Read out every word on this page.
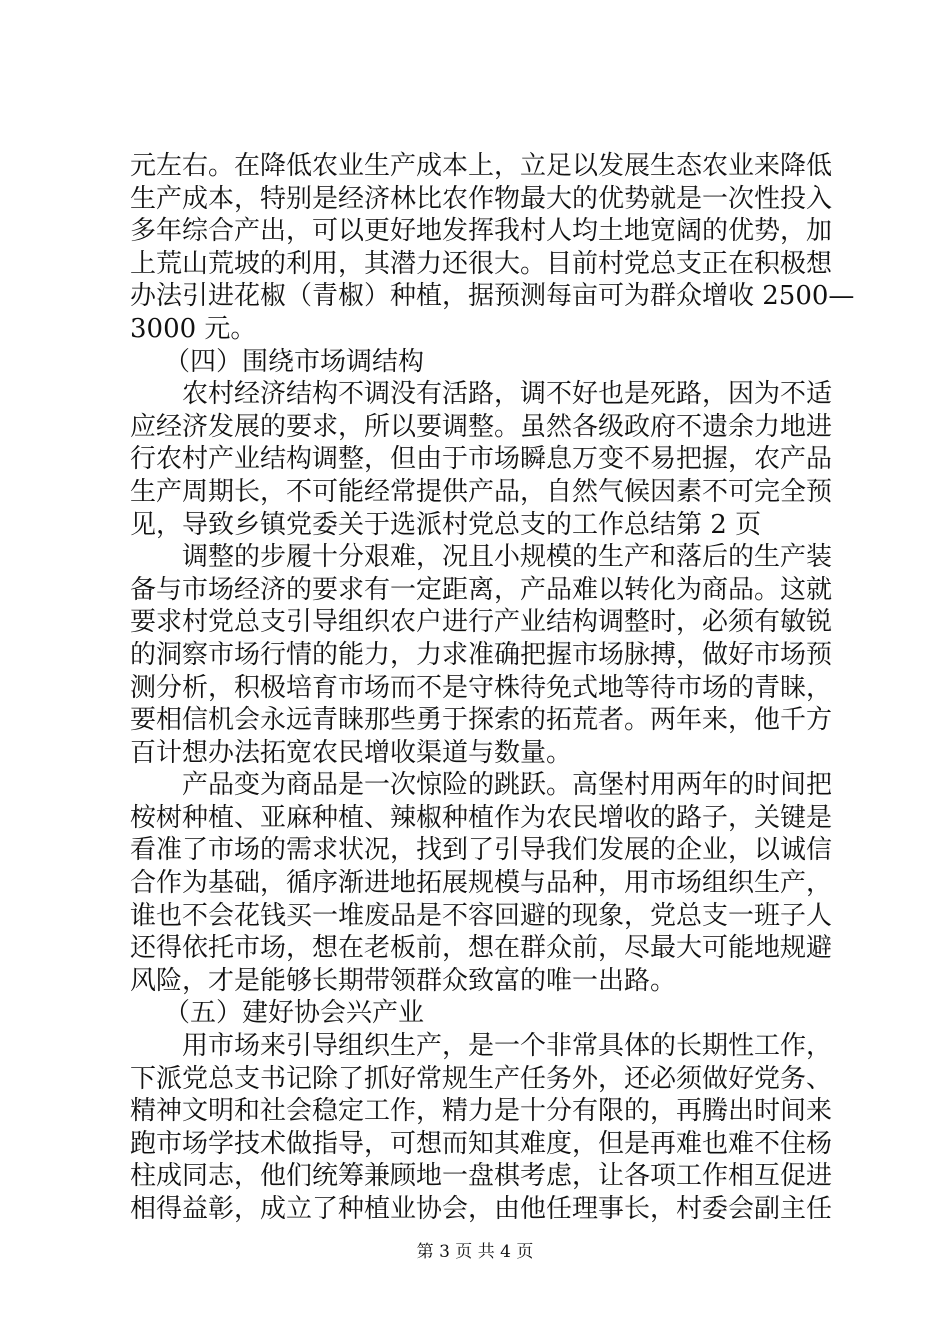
元左右。在降低农业生产成本上，立足以发展生态农业来降低
生产成本，特别是经济林比农作物最大的优势就是一次性投入
多年综合产出，可以更好地发挥我村人均土地宽阔的优势，加
上荒山荒坡的利用，其潜力还很大。目前村党总支正在积极想
办法引进花椒（青椒）种植，据预测每亩可为群众增收 2500—
3000 元。
（四）围绕市场调结构
农村经济结构不调没有活路，调不好也是死路，因为不适
应经济发展的要求，所以要调整。虽然各级政府不遗余力地进
行农村产业结构调整，但由于市场瞬息万变不易把握，农产品
生产周期长，不可能经常提供产品，自然气候因素不可完全预
见，导致乡镇党委关于选派村党总支的工作总结第 2 页
调整的步履十分艰难，况且小规模的生产和落后的生产装
备与市场经济的要求有一定距离，产品难以转化为商品。这就
要求村党总支引导组织农户进行产业结构调整时，必须有敏锐
的洞察市场行情的能力，力求准确把握市场脉搏，做好市场预
测分析，积极培育市场而不是守株待免式地等待市场的青睐，
要相信机会永远青睐那些勇于探索的拓荒者。两年来，他千方
百计想办法拓宽农民增收渠道与数量。
产品变为商品是一次惊险的跳跃。高堡村用两年的时间把
桉树种植、亚麻种植、辣椒种植作为农民增收的路子，关键是
看准了市场的需求状况，找到了引导我们发展的企业，以诚信
合作为基础，循序渐进地拓展规模与品种，用市场组织生产，
谁也不会花钱买一堆废品是不容回避的现象，党总支一班子人
还得依托市场，想在老板前，想在群众前，尽最大可能地规避
风险，才是能够长期带领群众致富的唯一出路。
（五）建好协会兴产业
用市场来引导组织生产，是一个非常具体的长期性工作，
下派党总支书记除了抓好常规生产任务外，还必须做好党务、
精神文明和社会稳定工作，精力是十分有限的，再腾出时间来
跑市场学技术做指导，可想而知其难度，但是再难也难不住杨
柱成同志，他们统筹兼顾地一盘棋考虑，让各项工作相互促进
相得益彰，成立了种植业协会，由他任理事长，村委会副主任
第 3 页 共 4 页
